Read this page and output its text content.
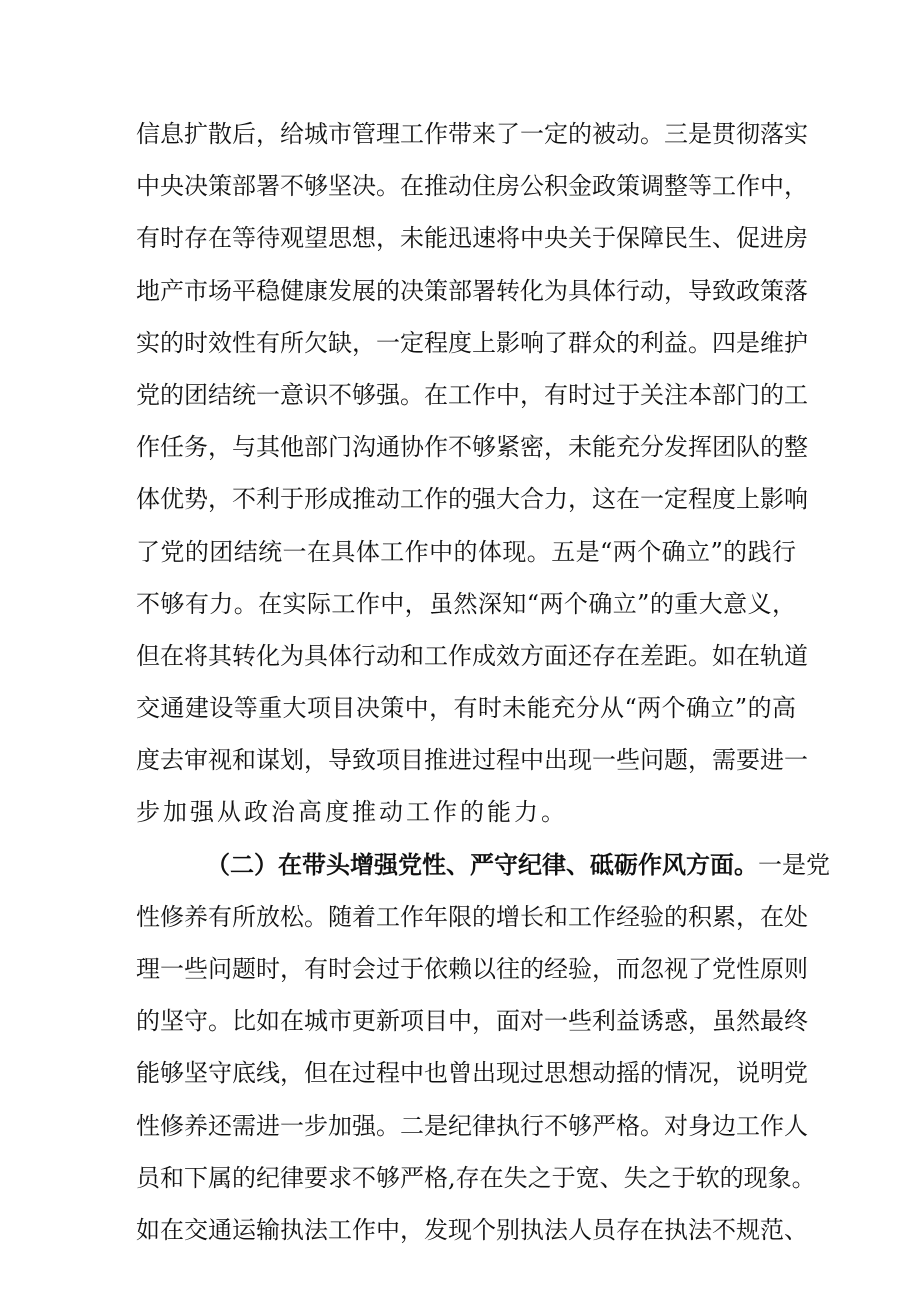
信息扩散后，给城市管理工作带来了一定的被动。三是贯彻落实
中央决策部署不够坚决。在推动住房公积金政策调整等工作中，
有时存在等待观望思想，未能迅速将中央关于保障民生、促进房
地产市场平稳健康发展的决策部署转化为具体行动，导致政策落
实的时效性有所欠缺，一定程度上影响了群众的利益。四是维护
党的团结统一意识不够强。在工作中，有时过于关注本部门的工
作任务，与其他部门沟通协作不够紧密，未能充分发挥团队的整
体优势，不利于形成推动工作的强大合力，这在一定程度上影响
了党的团结统一在具体工作中的体现。五是“两个确立”的践行
不够有力。在实际工作中，虽然深知“两个确立”的重大意义，
但在将其转化为具体行动和工作成效方面还存在差距。如在轨道
交通建设等重大项目决策中，有时未能充分从“两个确立”的高
度去审视和谋划，导致项目推进过程中出现一些问题，需要进一
步加强从政治高度推动工作的能力。
（二）在带头增强党性、严守纪律、砥砺作风方面。一是党
性修养有所放松。随着工作年限的增长和工作经验的积累，在处
理一些问题时，有时会过于依赖以往的经验，而忽视了党性原则
的坚守。比如在城市更新项目中，面对一些利益诱惑，虽然最终
能够坚守底线，但在过程中也曾出现过思想动摇的情况，说明党
性修养还需进一步加强。二是纪律执行不够严格。对身边工作人
员和下属的纪律要求不够严格,存在失之于宽、失之于软的现象。
如在交通运输执法工作中，发现个别执法人员存在执法不规范、
